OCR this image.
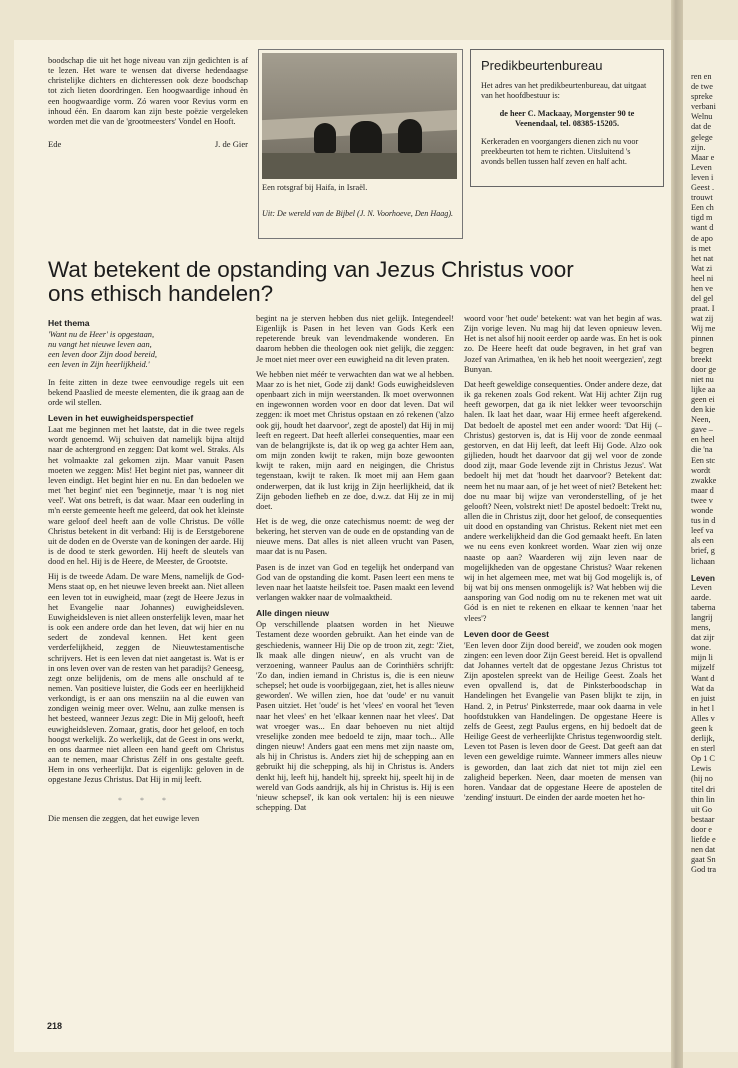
boodschap die uit het hoge niveau van zijn gedichten is af te lezen. Het ware te wensen dat diverse hedendaagse christelijke dichters en dichteressen ook deze boodschap tot zich lieten doordringen. Een hoogwaardige inhoud èn een hoogwaardige vorm. Zó waren voor Revius vorm en inhoud één. En daarom kan zijn beste poëzie vergeleken worden met die van de 'grootmeesters' Vondel en Hooft.
Ede	J. de Gier
Een rotsgraf bij Haifa, in Israël.
Uit: De wereld van de Bijbel (J. N. Voorhoeve, Den Haag).
Predikbeurtenbureau
Het adres van het predikbeurtenbureau, dat uitgaat van het hoofdbestuur is:
de heer C. Mackaay, Morgenster 90 te Veenendaal, tel. 08385-15205.
Kerkeraden en voorgangers dienen zich nu voor preekbeurten tot hem te richten. Uitsluitend 's avonds bellen tussen half zeven en half acht.
Wat betekent de opstanding van Jezus Christus voor ons ethisch handelen?
Het thema
'Want nu de Heer' is opgestaan,
nu vangt het nieuwe leven aan,
een leven door Zijn dood bereid,
een leven in Zijn heerlijkheid.'

In feite zitten in deze twee eenvoudige regels uit een bekend Paaslied de meeste elementen, die ik graag aan de orde wil stellen.

Leven in het euwigheidsperspectief

Laat me beginnen met het laatste, dat in die twee regels wordt genoemd. Wij schuiven dat namelijk bijna altijd naar de achtergrond en zeggen: Dat komt wel. Straks. Als het volmaakte zal gekomen zijn. Maar vanuit Pasen moeten we zeggen: Mis! Het begint niet pas, wanneer dit leven eindigt. Het begint hier en nu. En dan bedoelen we met 'het begint' niet een 'beginnetje, maar 't is nog niet veel'. Wat ons betreft, is dat waar. Maar een ouderling in m'n eerste gemeente heeft me geleerd, dat ook het kleinste ware geloof deel heeft aan de volle Christus. De vólle Christus betekent in dit verband: Hij is de Eerstgeborene uit de doden en de Overste van de koningen der aarde. Hij is de dood te sterk geworden. Hij heeft de sleutels van dood en hel. Hij is de Heere, de Meester, de Grootste.

Hij is de tweede Adam. De ware Mens, namelijk de God-Mens staat op, en het nieuwe leven breekt aan. Niet alleen een leven tot in euwigheid, maar (zegt de Heere Jezus in het Evangelie naar Johannes) euwigheidsleven. Euwigheidsleven is niet alleen onsterfelijk leven, maar het is ook een andere orde dan het leven, dat wij hier en nu sedert de zondeval kennen. Het kent geen verderfelijkheid, zeggen de Nieuwtestamentische schrijvers. Het is een leven dat niet aangetast is. Wat is er in ons leven over van de resten van het paradijs? Geneesg, zegt onze belijdenis, om de mens alle onschuld af te nemen. Van positieve luister, die Gods eer en heerlijkheid verkondigt, is er aan ons mensziin na al die euwen van zondigen weinig meer over. Welnu, aan zulke mensen is het besteed, wanneer Jezus zegt: Die in Mij gelooft, heeft euwigheidsleven. Zomaar, gratis, door het geloof, en toch hoogst werkelijk. Zo werkelijk, dat de Geest in ons werkt, en ons daarmee niet alleen een hand geeft om Christus aan te nemen, maar Christus Zélf in ons gestalte geeft. Hem in ons verheerlijkt. Dat is eigenlijk: geloven in de opgestane Jezus Christus. Dat Hij in mij leeft.

* * *

Die mensen die zeggen, dat het euwige leven

begint na je sterven hebben dus niet gelijk. Integendeel! Eigenlijk is Pasen in het leven van Gods Kerk een repeterende breuk van levendmakende wonderen. En daarom hebben die theologen ook niet gelijk, die zeggen: Je moet niet meer over een euwigheid na dit leven praten.

We hebben niet méér te verwachten dan wat we al hebben. Maar zo is het niet, Gode zij dank! Gods euwigheidsleven openbaart zich in mijn weerstanden. Ik moet overwonnen en ingewonnen worden voor en door dat leven. Dat wil zeggen: ik moet met Christus opstaan en zó rekenen ('alzo ook gij, houdt het daarvoor', zegt de apostel) dat Hij in mij leeft en regeert. Dat heeft allerlei consequenties, maar een van de belangrijkste is, dat ik op weg ga achter Hem aan, om mijn zonden kwijt te raken, mijn boze gewoonten kwijt te raken, mijn aard en neigingen, die Christus tegenstaan, kwijt te raken. Ik moet mij aan Hem gaan onderwerpen, dat ik lust krijg in Zijn heerlijkheid, dat ik Zijn geboden liefheb en ze doe, d.w.z. dat Hij ze in mij doet.

Het is de weg, die onze catechismus noemt: de weg der bekering, het sterven van de oude en de opstanding van de nieuwe mens. Dat alles is niet alleen vrucht van Pasen, maar dat is nu Pasen.

Pasen is de inzet van God en tegelijk het onderpand van God van de opstanding die komt. Pasen leert een mens te leven naar het laatste heilsfeit toe. Pasen maakt een levend verlangen wakker naar de volmaaktheid.

Alle dingen nieuw

Op verschillende plaatsen worden in het Nieuwe Testament deze woorden gebruikt. Aan het einde van de geschiedenis, wanneer Hij Die op de troon zit, zegt: 'Ziet, Ik maak alle dingen nieuw', en als vrucht van de verzoening, wanneer Paulus aan de Corinthiërs schrijft: 'Zo dan, indien iemand in Christus is, die is een nieuw schepsel; het oude is voorbijgegaan, ziet, het is alles nieuw geworden'. We willen zien, hoe dat 'oude' er nu vanuit Pasen uitziet. Het 'oude' is het 'vlees' en vooral het 'leven naar het vlees' en het 'elkaar kennen naar het vlees'. Dat wat vroeger was... En daar behoeven nu niet altijd vreselijke zonden mee bedoeld te zijn, maar toch... Alle dingen nieuw! Anders gaat een mens met zijn naaste om, als hij in Christus is. Anders ziet hij de schepping aan en gebruikt hij die schepping, als hij in Christus is. Anders denkt hij, leeft hij, handelt hij, spreekt hij, speelt hij in de wereld van Gods aandrijk, als hij in Christus is. Hij is een 'nieuw schepsel', ik kan ook vertalen: hij is een nieuwe schepping. Dat

woord voor 'het oude' betekent: wat van het begin af was. Zijn vorige leven. Nu mag hij dat leven opnieuw leven. Het is net alsof hij nooit eerder op aarde was. En het is ook zo. De Heere heeft dat oude begraven, in het graf van Jozef van Arimathea, 'en ik heb het nooit weergezien', zegt Bunyan.

Dat heeft geweldige consequenties. Onder andere deze, dat ik ga rekenen zoals God rekent. Wat Hij achter Zijn rug heeft geworpen, dat ga ik niet lekker weer tevoorschijn halen. Ik laat het daar, waar Hij ermee heeft afgerekend. Dat bedoelt de apostel met een ander woord: 'Dat Hij (– Christus) gestorven is, dat is Hij voor de zonde eenmaal gestorven, en dat Hij leeft, dat leeft Hij Gode. Alzo ook gijlieden, houdt het daarvoor dat gij wel voor de zonde dood zijt, maar Gode levende zijt in Christus Jezus'. Wat bedoelt hij met dat 'houdt het daarvoor'? Betekent dat: neem het nu maar aan, of je het weet of niet? Betekent het: doe nu maar bij wijze van veronderstelling, of je het gelooft? Neen, volstrekt niet! De apostel bedoelt: Trekt nu, allen die in Christus zijt, door het geloof, de consequenties uit dood en opstanding van Christus. Rekent niet met een andere werkelijkheid dan die God gemaakt heeft. En laten we nu eens even konkreet worden. Waar zien wij onze naaste op aan? Waarderen wij zijn leven naar de mogelijkheden van de opgestane Christus? Waar rekenen wij in het algemeen mee, met wat bij God mogelijk is, of bij wat bij ons mensen onmogelijk is? Wat hebben wij die aansporing van God nodig om nu te rekenen met wat uit Gód is en niet te rekenen en elkaar te kennen 'naar het vlees'?

Leven door de Geest

'Een leven door Zijn dood bereid', we zouden ook mogen zingen: een leven door Zijn Geest bereid. Het is opvallend dat Johannes vertelt dat de opgestane Jezus Christus tot Zijn apostelen spreekt van de Heilige Geest. Zoals het even opvallend is, dat de Pinksterboodschap in Handelingen het Evangelie van Pasen blijkt te zijn, in Hand. 2, in Petrus' Pinksterrede, maar ook daarna in vele hoofdstukken van Handelingen. De opgestane Heere is zelfs de Geest, zegt Paulus ergens, en hij bedoelt dat de Heilige Geest de verheerlijkte Christus tegenwoordig stelt. Leven tot Pasen is leven door de Geest. Dat geeft aan dat leven een geweldige ruimte. Wanneer immers alles nieuw is geworden, dan laat zich dat niet tot mijn ziel een zaligheid beperken. Neen, daar moeten de mensen van horen. Vandaar dat de opgestane Heere de apostelen de 'zending' instuurt. De einden der aarde moeten het ho-

218
ren en
de twe
spreke
verbani
Welnu
dat de
gelege
zijn.
Maar e
Leven
leven i
Geest .
trouwt
Een ch
tigd m
want d
de apo
is met
het nat
Wat zi
heel ni
hen ve
del gel
praat. I
wat zij
Wij me
pinnen
begren
breekt
door ge
niet nu
lijke aa
geen ei
den kie
Neen,
gave –
en heel
die 'na
Een stc
wordt
zwakke
maar d
twee v
wonde
tus in d
leef va
als een
brief, g
lichaan
Leven
Leven
aarde.
taberna
langrij
mens,
dat zijr
wone.
mijn li
mijzelf
Want d
Wat da
en juist
in het l
Alles v
geen k
derlijk,
en sterl
Op 1 C
Lewis
(hij no
titel dri
thin lin
uit Go
bestaar
door e
liefde e
nen dat
gaat Sn
God tra
